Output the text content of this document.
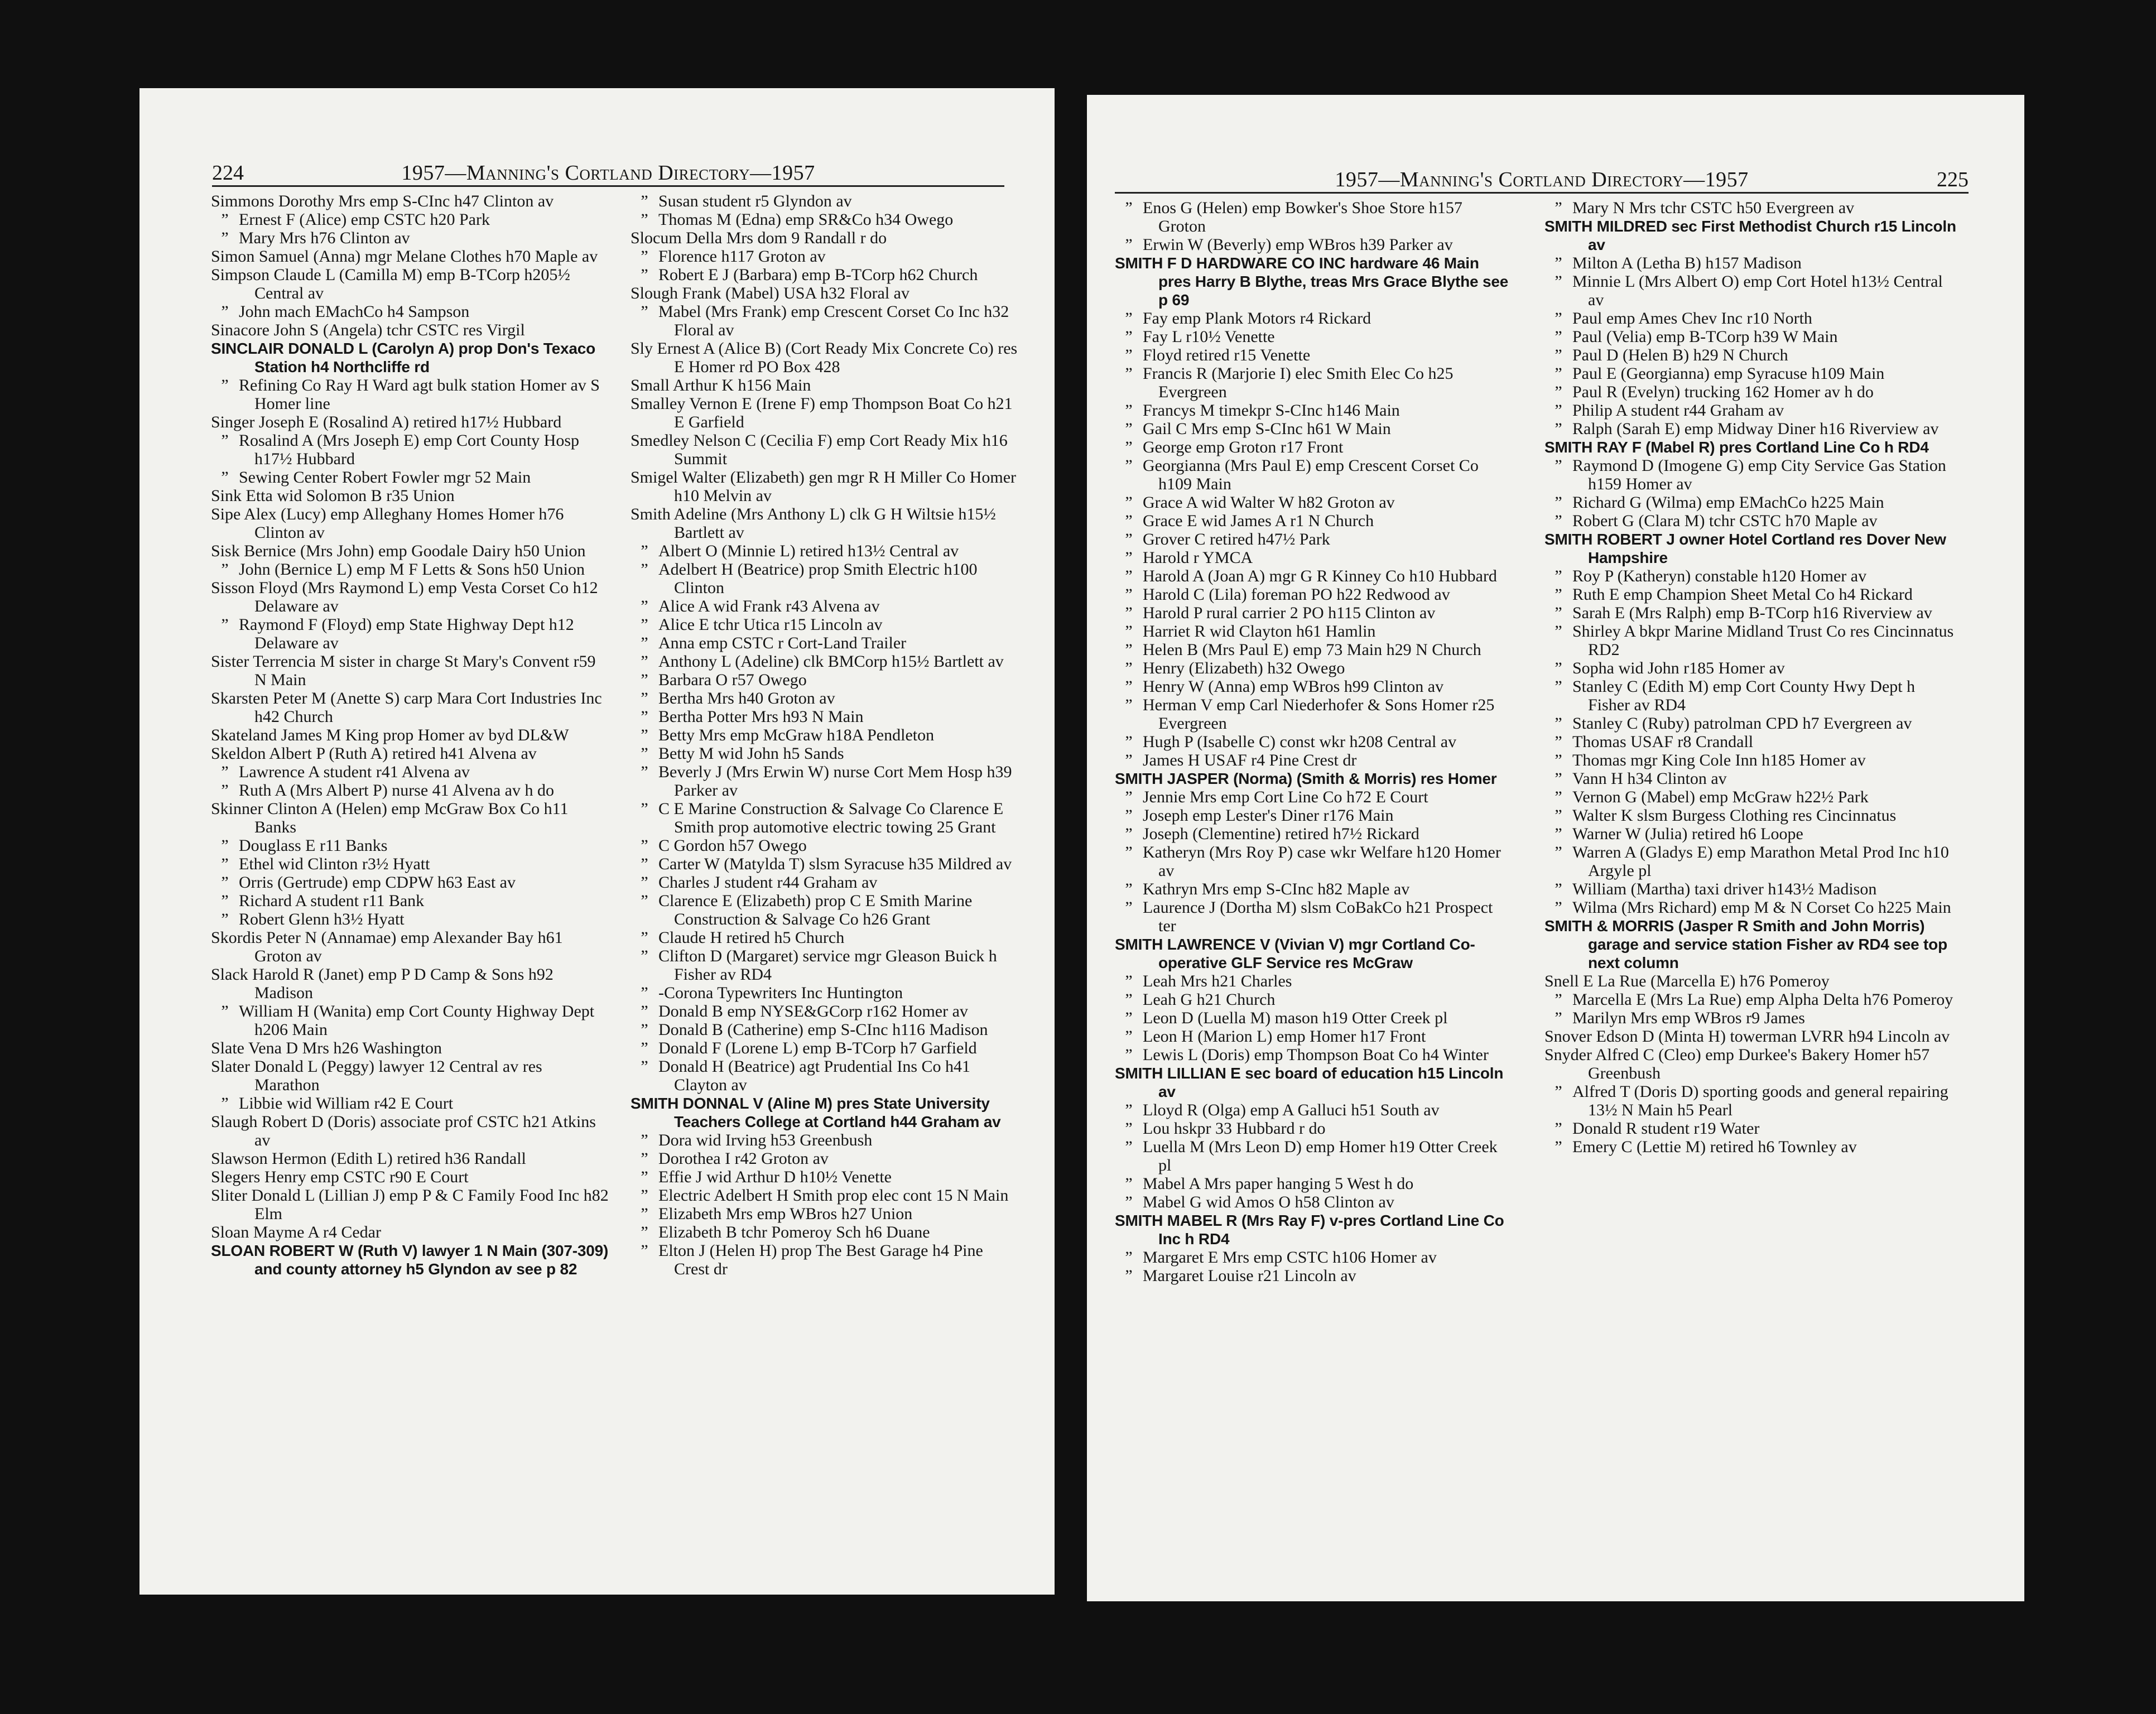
1957—Manning's Cortland Directory—1957
224
Simmons Dorothy Mrs emp S-CInc h47 Clinton av
” Ernest F (Alice) emp CSTC h20 Park
” Mary Mrs h76 Clinton av
Simon Samuel (Anna) mgr Melane Clothes h70 Maple av
Simpson Claude L (Camilla M) emp B-TCorp h205½ Central av
” John mach EMachCo h4 Sampson
Sinacore John S (Angela) tchr CSTC res Virgil
SINCLAIR DONALD L (Carolyn A) prop Don's Texaco Station h4 Northcliffe rd
” Refining Co Ray H Ward agt bulk station Homer av S Homer line
Singer Joseph E (Rosalind A) retired h17½ Hubbard
” Rosalind A (Mrs Joseph E) emp Cort County Hosp h17½ Hubbard
” Sewing Center Robert Fowler mgr 52 Main
Sink Etta wid Solomon B r35 Union
Sipe Alex (Lucy) emp Alleghany Homes Homer h76 Clinton av
Sisk Bernice (Mrs John) emp Goodale Dairy h50 Union
” John (Bernice L) emp M F Letts & Sons h50 Union
Sisson Floyd (Mrs Raymond L) emp Vesta Corset Co h12 Delaware av
” Raymond F (Floyd) emp State Highway Dept h12 Delaware av
Sister Terrencia M sister in charge St Mary's Convent r59 N Main
Skarsten Peter M (Anette S) carp Mara Cort Industries Inc h42 Church
Skateland James M King prop Homer av byd DL&W
Skeldon Albert P (Ruth A) retired h41 Alvena av
” Lawrence A student r41 Alvena av
” Ruth A (Mrs Albert P) nurse 41 Alvena av h do
Skinner Clinton A (Helen) emp McGraw Box Co h11 Banks
” Douglass E r11 Banks
” Ethel wid Clinton r3½ Hyatt
” Orris (Gertrude) emp CDPW h63 East av
” Richard A student r11 Bank
” Robert Glenn h3½ Hyatt
Skordis Peter N (Annamae) emp Alexander Bay h61 Groton av
Slack Harold R (Janet) emp P D Camp & Sons h92 Madison
” William H (Wanita) emp Cort County Highway Dept h206 Main
Slate Vena D Mrs h26 Washington
Slater Donald L (Peggy) lawyer 12 Central av res Marathon
” Libbie wid William r42 E Court
Slaugh Robert D (Doris) associate prof CSTC h21 Atkins av
Slawson Hermon (Edith L) retired h36 Randall
Slegers Henry emp CSTC r90 E Court
Sliter Donald L (Lillian J) emp P & C Family Food Inc h82 Elm
Sloan Mayme A r4 Cedar
SLOAN ROBERT W (Ruth V) lawyer 1 N Main (307-309) and county attorney h5 Glyndon av see p 82
” Susan student r5 Glyndon av
” Thomas M (Edna) emp SR&Co h34 Owego
Slocum Della Mrs dom 9 Randall r do
” Florence h117 Groton av
” Robert E J (Barbara) emp B-TCorp h62 Church
Slough Frank (Mabel) USA h32 Floral av
” Mabel (Mrs Frank) emp Crescent Corset Co Inc h32 Floral av
Sly Ernest A (Alice B) (Cort Ready Mix Concrete Co) res E Homer rd PO Box 428
Small Arthur K h156 Main
Smalley Vernon E (Irene F) emp Thompson Boat Co h21 E Garfield
Smedley Nelson C (Cecilia F) emp Cort Ready Mix h16 Summit
Smigel Walter (Elizabeth) gen mgr R H Miller Co Homer h10 Melvin av
Smith Adeline (Mrs Anthony L) clk G H Wiltsie h15½ Bartlett av
” Albert O (Minnie L) retired h13½ Central av
” Adelbert H (Beatrice) prop Smith Electric h100 Clinton
” Alice A wid Frank r43 Alvena av
” Alice E tchr Utica r15 Lincoln av
” Anna emp CSTC r Cort-Land Trailer
” Anthony L (Adeline) clk BMCorp h15½ Bartlett av
” Barbara O r57 Owego
” Bertha Mrs h40 Groton av
” Bertha Potter Mrs h93 N Main
” Betty Mrs emp McGraw h18A Pendleton
” Betty M wid John h5 Sands
” Beverly J (Mrs Erwin W) nurse Cort Mem Hosp h39 Parker av
” C E Marine Construction & Salvage Co Clarence E Smith prop automotive electric towing 25 Grant
” C Gordon h57 Owego
” Carter W (Matylda T) slsm Syracuse h35 Mildred av
” Charles J student r44 Graham av
” Clarence E (Elizabeth) prop C E Smith Marine Construction & Salvage Co h26 Grant
” Claude H retired h5 Church
” Clifton D (Margaret) service mgr Gleason Buick h Fisher av RD4
” -Corona Typewriters Inc Huntington
” Donald B emp NYSE&GCorp r162 Homer av
” Donald B (Catherine) emp S-CInc h116 Madison
” Donald F (Lorene L) emp B-TCorp h7 Garfield
” Donald H (Beatrice) agt Prudential Ins Co h41 Clayton av
SMITH DONNAL V (Aline M) pres State University Teachers College at Cortland h44 Graham av
” Dora wid Irving h53 Greenbush
” Dorothea I r42 Groton av
” Effie J wid Arthur D h10½ Venette
” Electric Adelbert H Smith prop elec cont 15 N Main
” Elizabeth Mrs emp WBros h27 Union
” Elizabeth B tchr Pomeroy Sch h6 Duane
” Elton J (Helen H) prop The Best Garage h4 Pine Crest dr
1957—Manning's Cortland Directory—1957	225
” Enos G (Helen) emp Bowker's Shoe Store h157 Groton
” Erwin W (Beverly) emp WBros h39 Parker av
SMITH F D HARDWARE CO INC hardware 46 Main pres Harry B Blythe, treas Mrs Grace Blythe see p 69
” Fay emp Plank Motors r4 Rickard
” Fay L r10½ Venette
” Floyd retired r15 Venette
” Francis R (Marjorie I) elec Smith Elec Co h25 Evergreen
” Francys M timekpr S-CInc h146 Main
” Gail C Mrs emp S-CInc h61 W Main
” George emp Groton r17 Front
” Georgianna (Mrs Paul E) emp Crescent Corset Co h109 Main
” Grace A wid Walter W h82 Groton av
” Grace E wid James A r1 N Church
” Grover C retired h47½ Park
” Harold r YMCA
” Harold A (Joan A) mgr G R Kinney Co h10 Hubbard
” Harold C (Lila) foreman PO h22 Redwood av
” Harold P rural carrier 2 PO h115 Clinton av
” Harriet R wid Clayton h61 Hamlin
” Helen B (Mrs Paul E) emp 73 Main h29 N Church
” Henry (Elizabeth) h32 Owego
” Henry W (Anna) emp WBros h99 Clinton av
” Herman V emp Carl Niederhofer & Sons Homer r25 Evergreen
” Hugh P (Isabelle C) const wkr h208 Central av
” James H USAF r4 Pine Crest dr
SMITH JASPER (Norma) (Smith & Morris) res Homer
” Jennie Mrs emp Cort Line Co h72 E Court
” Joseph emp Lester's Diner r176 Main
” Joseph (Clementine) retired h7½ Rickard
” Katheryn (Mrs Roy P) case wkr Welfare h120 Homer av
” Kathryn Mrs emp S-CInc h82 Maple av
” Laurence J (Dortha M) slsm CoBakCo h21 Prospect ter
SMITH LAWRENCE V (Vivian V) mgr Cortland Co-operative GLF Service res McGraw
” Leah Mrs h21 Charles
” Leah G h21 Church
” Leon D (Luella M) mason h19 Otter Creek pl
” Leon H (Marion L) emp Homer h17 Front
” Lewis L (Doris) emp Thompson Boat Co h4 Winter
SMITH LILLIAN E sec board of education h15 Lincoln av
” Lloyd R (Olga) emp A Galluci h51 South av
” Lou hskpr 33 Hubbard r do
” Luella M (Mrs Leon D) emp Homer h19 Otter Creek pl
” Mabel A Mrs paper hanging 5 West h do
” Mabel G wid Amos O h58 Clinton av
SMITH MABEL R (Mrs Ray F) v-pres Cortland Line Co Inc h RD4
” Margaret E Mrs emp CSTC h106 Homer av
” Margaret Louise r21 Lincoln av
” Mary N Mrs tchr CSTC h50 Evergreen av
SMITH MILDRED sec First Methodist Church r15 Lincoln av
” Milton A (Letha B) h157 Madison
” Minnie L (Mrs Albert O) emp Cort Hotel h13½ Central av
” Paul emp Ames Chev Inc r10 North
” Paul (Velia) emp B-TCorp h39 W Main
” Paul D (Helen B) h29 N Church
” Paul E (Georgianna) emp Syracuse h109 Main
” Paul R (Evelyn) trucking 162 Homer av h do
” Philip A student r44 Graham av
” Ralph (Sarah E) emp Midway Diner h16 Riverview av
SMITH RAY F (Mabel R) pres Cortland Line Co h RD4
” Raymond D (Imogene G) emp City Service Gas Station h159 Homer av
” Richard G (Wilma) emp EMachCo h225 Main
” Robert G (Clara M) tchr CSTC h70 Maple av
SMITH ROBERT J owner Hotel Cortland res Dover New Hampshire
” Roy P (Katheryn) constable h120 Homer av
” Ruth E emp Champion Sheet Metal Co h4 Rickard
” Sarah E (Mrs Ralph) emp B-TCorp h16 Riverview av
” Shirley A bkpr Marine Midland Trust Co res Cincinnatus RD2
” Sopha wid John r185 Homer av
” Stanley C (Edith M) emp Cort County Hwy Dept h Fisher av RD4
” Stanley C (Ruby) patrolman CPD h7 Evergreen av
” Thomas USAF r8 Crandall
” Thomas mgr King Cole Inn h185 Homer av
” Vann H h34 Clinton av
” Vernon G (Mabel) emp McGraw h22½ Park
” Walter K slsm Burgess Clothing res Cincinnatus
” Warner W (Julia) retired h6 Loope
” Warren A (Gladys E) emp Marathon Metal Prod Inc h10 Argyle pl
” William (Martha) taxi driver h143½ Madison
” Wilma (Mrs Richard) emp M & N Corset Co h225 Main
SMITH & MORRIS (Jasper R Smith and John Morris) garage and service station Fisher av RD4 see top next column
Snell E La Rue (Marcella E) h76 Pomeroy
” Marcella E (Mrs La Rue) emp Alpha Delta h76 Pomeroy
” Marilyn Mrs emp WBros r9 James
Snover Edson D (Minta H) towerman LVRR h94 Lincoln av
Snyder Alfred C (Cleo) emp Durkee's Bakery Homer h57 Greenbush
” Alfred T (Doris D) sporting goods and general repairing 13½ N Main h5 Pearl
” Donald R student r19 Water
” Emery C (Lettie M) retired h6 Townley av
